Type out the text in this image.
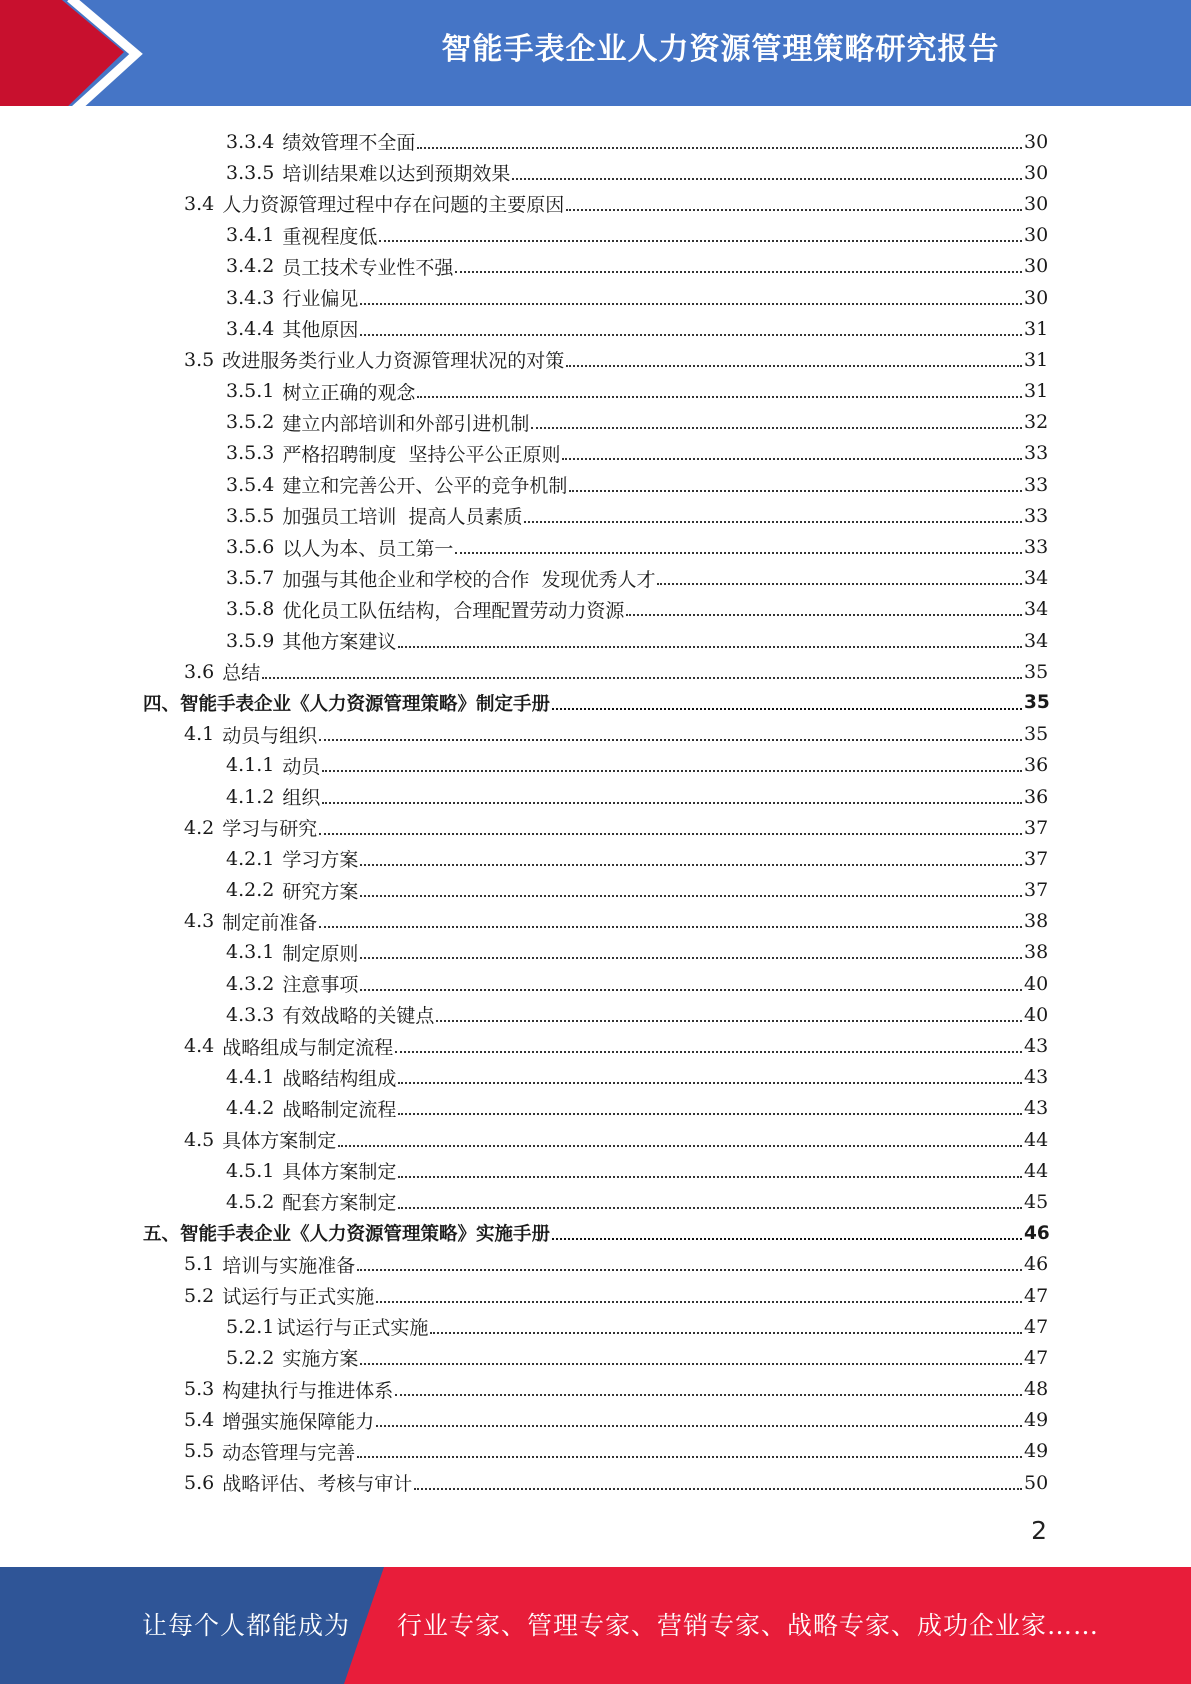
智能手表企业人力资源管理策略研究报告
3.3.4 绩效管理不全面	30
3.3.5 培训结果难以达到预期效果	30
3.4 人力资源管理过程中存在问题的主要原因	30
3.4.1 重视程度低	30
3.4.2 员工技术专业性不强	30
3.4.3 行业偏见	30
3.4.4 其他原因	31
3.5 改进服务类行业人力资源管理状况的对策	31
3.5.1 树立正确的观念	31
3.5.2 建立内部培训和外部引进机制	32
3.5.3 严格招聘制度  坚持公平公正原则	33
3.5.4 建立和完善公开、公平的竞争机制	33
3.5.5 加强员工培训  提高人员素质	33
3.5.6 以人为本、员工第一	33
3.5.7 加强与其他企业和学校的合作  发现优秀人才	34
3.5.8 优化员工队伍结构，合理配置劳动力资源	34
3.5.9 其他方案建议	34
3.6 总结	35
四、 智能手表企业《人力资源管理策略》制定手册	35
4.1 动员与组织	35
4.1.1 动员	36
4.1.2 组织	36
4.2 学习与研究	37
4.2.1 学习方案	37
4.2.2 研究方案	37
4.3 制定前准备	38
4.3.1 制定原则	38
4.3.2 注意事项	40
4.3.3 有效战略的关键点	40
4.4 战略组成与制定流程	43
4.4.1 战略结构组成	43
4.4.2 战略制定流程	43
4.5 具体方案制定	44
4.5.1 具体方案制定	44
4.5.2 配套方案制定	45
五、 智能手表企业《人力资源管理策略》实施手册	46
5.1 培训与实施准备	46
5.2 试运行与正式实施	47
5.2.1 试运行与正式实施	47
5.2.2 实施方案	47
5.3 构建执行与推进体系	48
5.4 增强实施保障能力	49
5.5 动态管理与完善	49
5.6 战略评估、考核与审计	50
2
让每个人都能成为 行业专家、管理专家、营销专家、战略专家、成功企业家……
